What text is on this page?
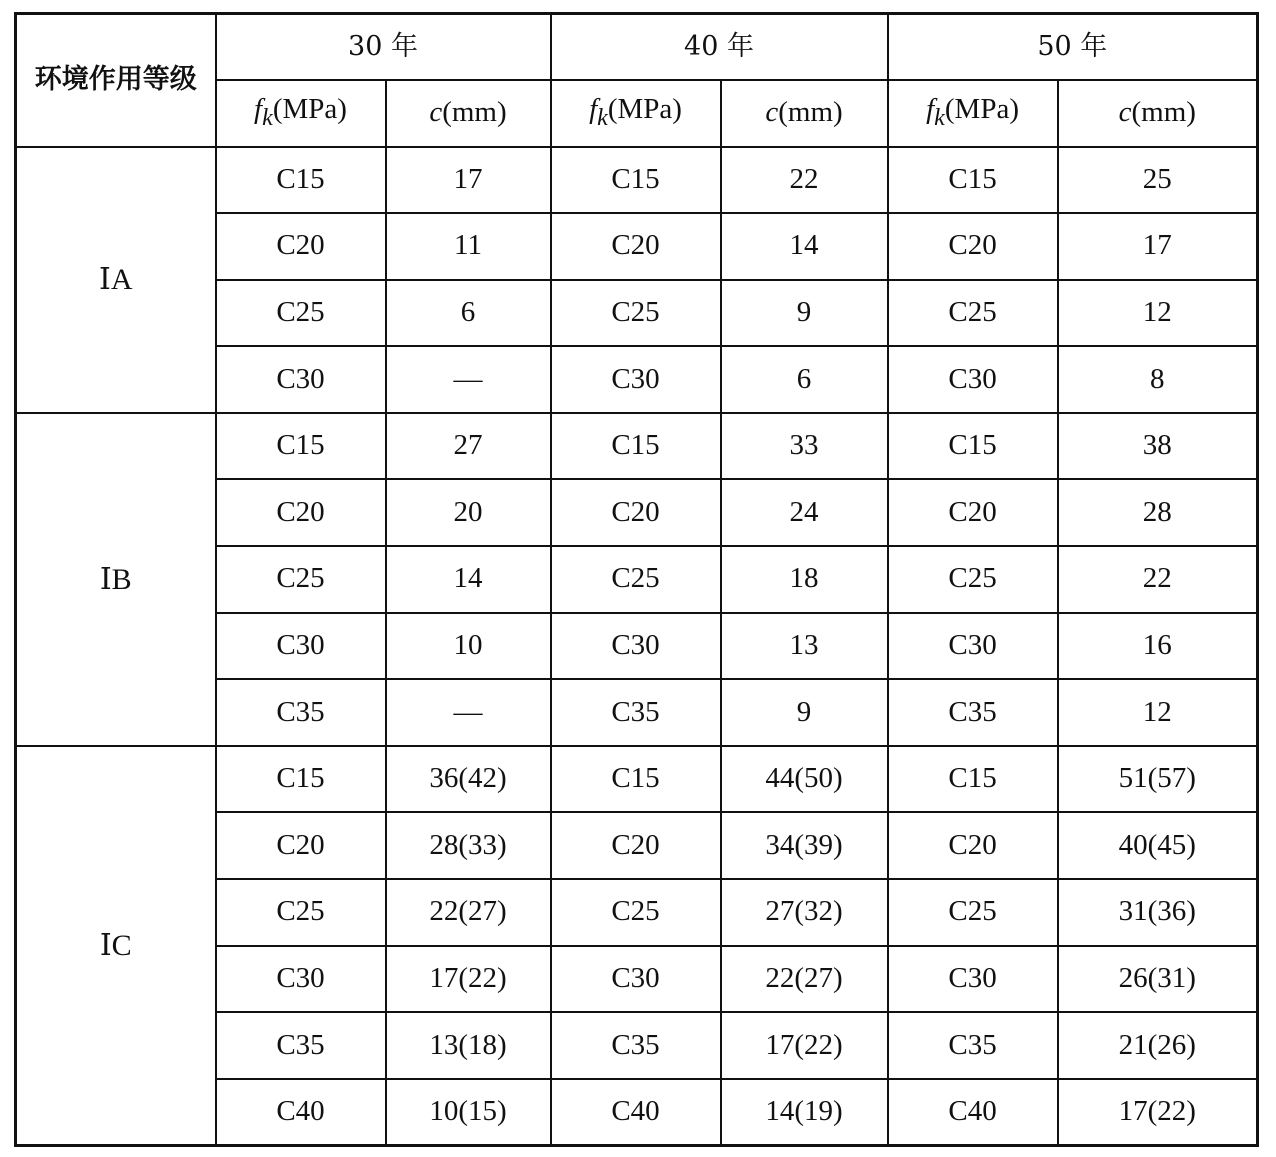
环境作用等级	30 年		40 年		50 年	
	$f_k(MPa)$	c(mm)	$f_k(MPa)$	c(mm)	$f_k(MPa)$	c(mm)
ⅠA	C15	17	C15	22	C15	25
	C20	11	C20	14	C20	17
	C25	6	C25	9	C25	12
	C30	—	C30	6	C30	8
ⅠB	C15	27	C15	33	C15	38
	C20	20	C20	24	C20	28
	C25	14	C25	18	C25	22
	C30	10	C30	13	C30	16
	C35	—	C35	9	C35	12
ⅠC	C15	36(42)	C15	44(50)	C15	51(57)
	C20	28(33)	C20	34(39)	C20	40(45)
	C25	22(27)	C25	27(32)	C25	31(36)
	C30	17(22)	C30	22(27)	C30	26(31)
	C35	13(18)	C35	17(22)	C35	21(26)
	C40	10(15)	C40	14(19)	C40	17(22)
